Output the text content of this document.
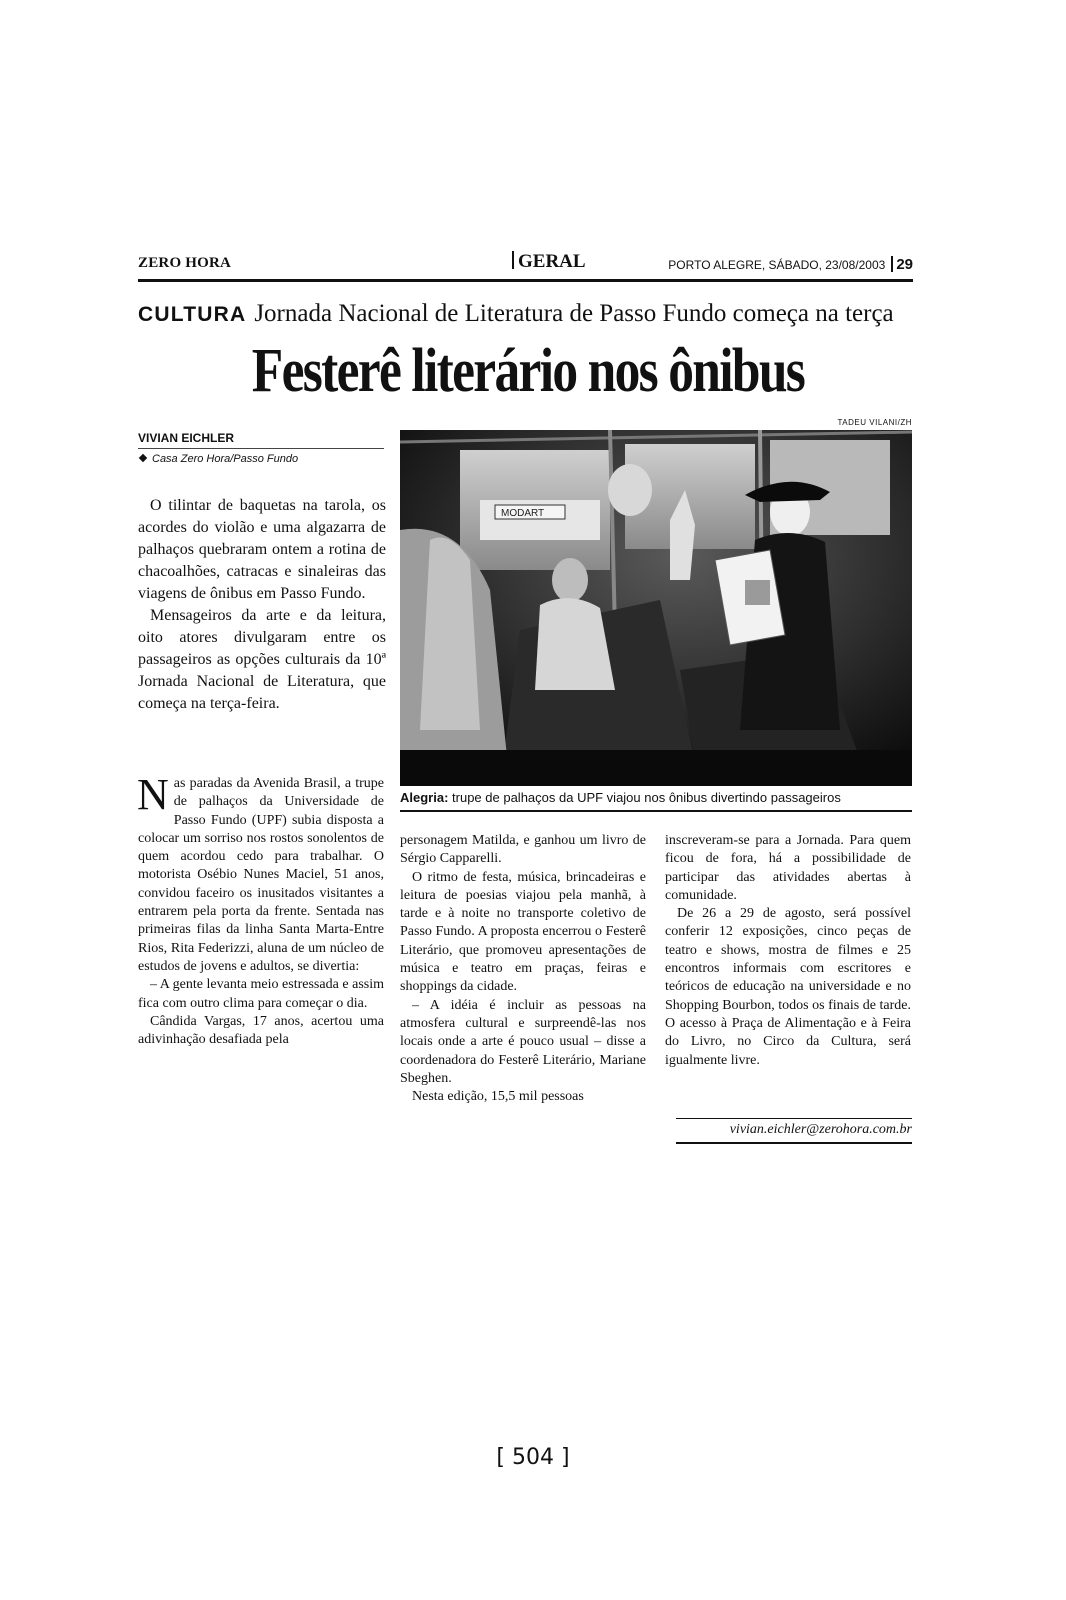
ZERO HORA	GERAL	PORTO ALEGRE, SÁBADO, 23/08/2003 29
CULTURA Jornada Nacional de Literatura de Passo Fundo começa na terça
Festerê literário nos ônibus
VIVIAN EICHLER
Casa Zero Hora/Passo Fundo

O tilintar de baquetas na tarola, os acordes do violão e uma algazarra de palhaços quebraram ontem a rotina de chacoalhões, catracas e sinaleiras das viagens de ônibus em Passo Fundo.

Mensageiros da arte e da leitura, oito atores divulgaram entre os passageiros as opções culturais da 10ª Jornada Nacional de Literatura, que começa na terça-feira.

Nas paradas da Avenida Brasil, a trupe de palhaços da Universidade de Passo Fundo (UPF) subia disposta a colocar um sorriso nos rostos sonolentos de quem acordou cedo para trabalhar. O motorista Osébio Nunes Maciel, 51 anos, convidou faceiro os inusitados visitantes a entrarem pela porta da frente. Sentada nas primeiras filas da linha Santa Marta-Entre Rios, Rita Federizzi, aluna de um núcleo de estudos de jovens e adultos, se divertia:

– A gente levanta meio estressada e assim fica com outro clima para começar o dia.

Cândida Vargas, 17 anos, acertou uma adivinhação desafiada pela

TADEU VILANI/ZH
MODART
Alegria: trupe de palhaços da UPF viajou nos ônibus divertindo passageiros

personagem Matilda, e ganhou um livro de Sérgio Capparelli.

O ritmo de festa, música, brincadeiras e leitura de poesias viajou pela manhã, à tarde e à noite no transporte coletivo de Passo Fundo. A proposta encerrou o Festerê Literário, que promoveu apresentações de música e teatro em praças, feiras e shoppings da cidade.

– A idéia é incluir as pessoas na atmosfera cultural e surpreendê-las nos locais onde a arte é pouco usual – disse a coordenadora do Festerê Literário, Mariane Sbeghen.

Nesta edição, 15,5 mil pessoas

inscreveram-se para a Jornada. Para quem ficou de fora, há a possibilidade de participar das atividades abertas à comunidade.

De 26 a 29 de agosto, será possível conferir 12 exposições, cinco peças de teatro e shows, mostra de filmes e 25 encontros informais com escritores e teóricos de educação na universidade e no Shopping Bourbon, todos os finais de tarde. O acesso à Praça de Alimentação e à Feira do Livro, no Circo da Cultura, será igualmente livre.

vivian.eichler@zerohora.com.br
[ 504 ]
